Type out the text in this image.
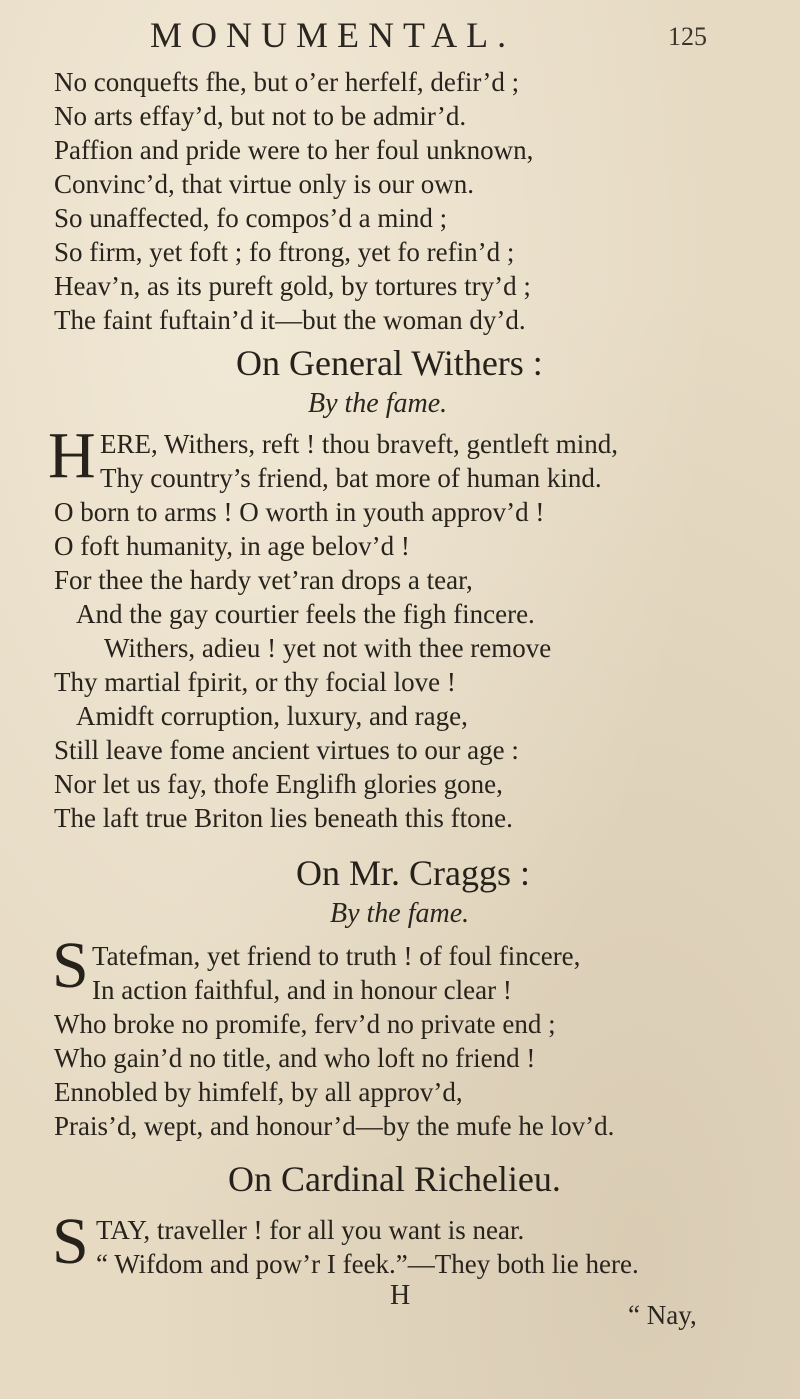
MONUMENTAL.	125
No conquefts fhe, but o’er herfelf, defir’d ;
No arts effay’d, but not to be admir’d.
Paffion and pride were to her foul unknown,
Convinc’d, that virtue only is our own.
So unaffected, fo compos’d a mind ;
So firm, yet foft ; fo ftrong, yet fo refin’d ;
Heav’n, as its pureft gold, by tortures try’d ;
The faint fuftain’d it—but the woman dy’d.
On General Withers :
By the fame.
H ERE, Withers, reft ! thou braveft, gentleft mind,
Thy country’s friend, bat more of human kind.
O born to arms ! O worth in youth approv’d !
O foft humanity, in age belov’d !
For thee the hardy vet’ran drops a tear,
And the gay courtier feels the figh fincere.
Withers, adieu ! yet not with thee remove
Thy martial fpirit, or thy focial love !
Amidft corruption, luxury, and rage,
Still leave fome ancient virtues to our age :
Nor let us fay, thofe Englifh glories gone,
The laft true Briton lies beneath this ftone.
On Mr. Craggs :
By the fame.
S Tatefman, yet friend to truth ! of foul fincere,
In action faithful, and in honour clear !
Who broke no promife, ferv’d no private end ;
Who gain’d no title, and who loft no friend !
Ennobled by himfelf, by all approv’d,
Prais’d, wept, and honour’d—by the mufe he lov’d.
On Cardinal Richelieu.
S TAY, traveller ! for all you want is near.
“ Wifdom and pow’r I feek.”—They both lie here.
H
“ Nay,
